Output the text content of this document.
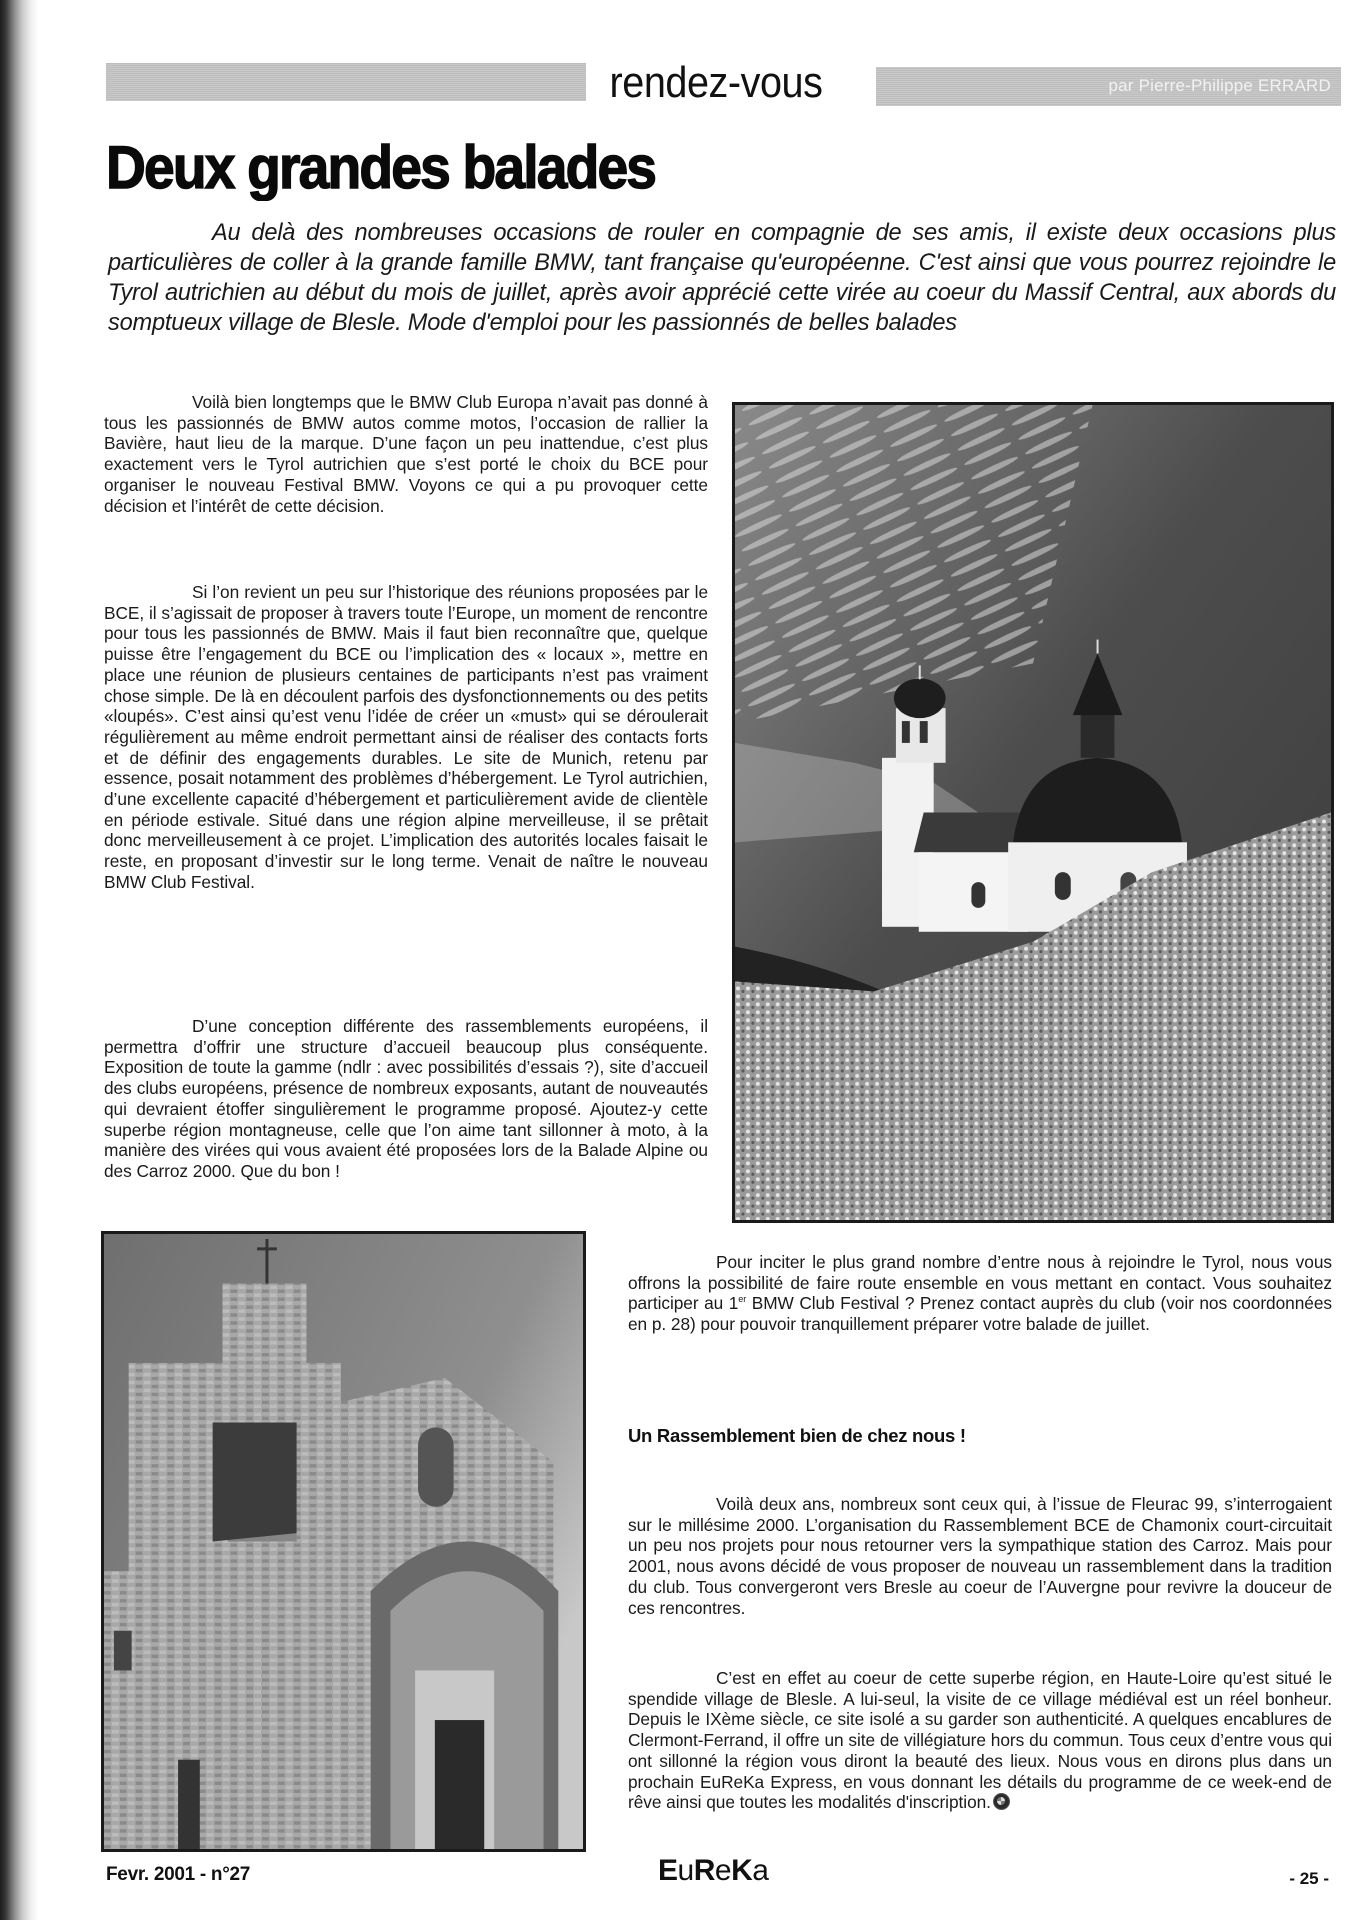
rendez-vous	par Pierre-Philippe ERRARD
Deux grandes balades

Au delà des nombreuses occasions de rouler en compagnie de ses amis, il existe deux occasions plus particulières de coller à la grande famille BMW, tant française qu'européenne. C'est ainsi que vous pourrez rejoindre le Tyrol autrichien au début du mois de juillet, après avoir apprécié cette virée au coeur du Massif Central, aux abords du somptueux village de Blesle. Mode d'emploi pour les passionnés de belles balades

Voilà bien longtemps que le BMW Club Europa n’avait pas donné à tous les passionnés de BMW autos comme motos, l’occasion de rallier la Bavière, haut lieu de la marque. D’une façon un peu inattendue, c’est plus exactement vers le Tyrol autrichien que s’est porté le choix du BCE pour organiser le nouveau Festival BMW. Voyons ce qui a pu provoquer cette décision et l’intérêt de cette décision.

Si l’on revient un peu sur l’historique des réunions proposées par le BCE, il s’agissait de proposer à travers toute l’Europe, un moment de rencontre pour tous les passionnés de BMW. Mais il faut bien reconnaître que, quelque puisse être l’engagement du BCE ou l’implication des « locaux », mettre en place une réunion de plusieurs centaines de participants n’est pas vraiment chose simple. De là en découlent parfois des dysfonctionnements ou des petits «loupés». C’est ainsi qu’est venu l’idée de créer un «must» qui se déroulerait régulièrement au même endroit permettant ainsi de réaliser des contacts forts et de définir des engagements durables. Le site de Munich, retenu par essence, posait notamment des problèmes d’hébergement. Le Tyrol autrichien, d’une excellente capacité d’hébergement et particulièrement avide de clientèle en période estivale. Situé dans une région alpine merveilleuse, il se prêtait donc merveilleusement à ce projet. L’implication des autorités locales faisait le reste, en proposant d’investir sur le long terme. Venait de naître le nouveau BMW Club Festival.

D’une conception différente des rassemblements européens, il permettra d’offrir une structure d’accueil beaucoup plus conséquente. Exposition de toute la gamme (ndlr : avec possibilités d’essais ?), site d’accueil des clubs européens, présence de nombreux exposants, autant de nouveautés qui devraient étoffer singulièrement le programme proposé. Ajoutez-y cette superbe région montagneuse, celle que l’on aime tant sillonner à moto, à la manière des virées qui vous avaient été proposées lors de la Balade Alpine ou des Carroz 2000. Que du bon !

Pour inciter le plus grand nombre d’entre nous à rejoindre le Tyrol, nous vous offrons la possibilité de faire route ensemble en vous mettant en contact. Vous souhaitez participer au 1er BMW Club Festival ? Prenez contact auprès du club (voir nos coordonnées en p. 28) pour pouvoir tranquillement préparer votre balade de juillet.

Un Rassemblement bien de chez nous !

Voilà deux ans, nombreux sont ceux qui, à l’issue de Fleurac 99, s’interrogaient sur le millésime 2000. L’organisation du Rassemblement BCE de Chamonix court-circuitait un peu nos projets pour nous retourner vers la sympathique station des Carroz. Mais pour 2001, nous avons décidé de vous proposer de nouveau un rassemblement dans la tradition du club. Tous convergeront vers Bresle au coeur de l’Auvergne pour revivre la douceur de ces rencontres.

C’est en effet au coeur de cette superbe région, en Haute-Loire qu’est situé le spendide village de Blesle. A lui-seul, la visite de ce village médiéval est un réel bonheur. Depuis le IXème siècle, ce site isolé a su garder son authenticité. A quelques encablures de Clermont-Ferrand, il offre un site de villégiature hors du commun. Tous ceux d’entre vous qui ont sillonné la région vous diront la beauté des lieux. Nous vous en dirons plus dans un prochain EuReKa Express, en vous donnant les détails du programme de ce week-end de rêve ainsi que toutes les modalités d'inscription.

Fevr. 2001 - n°27	EuReKa	- 25 -
